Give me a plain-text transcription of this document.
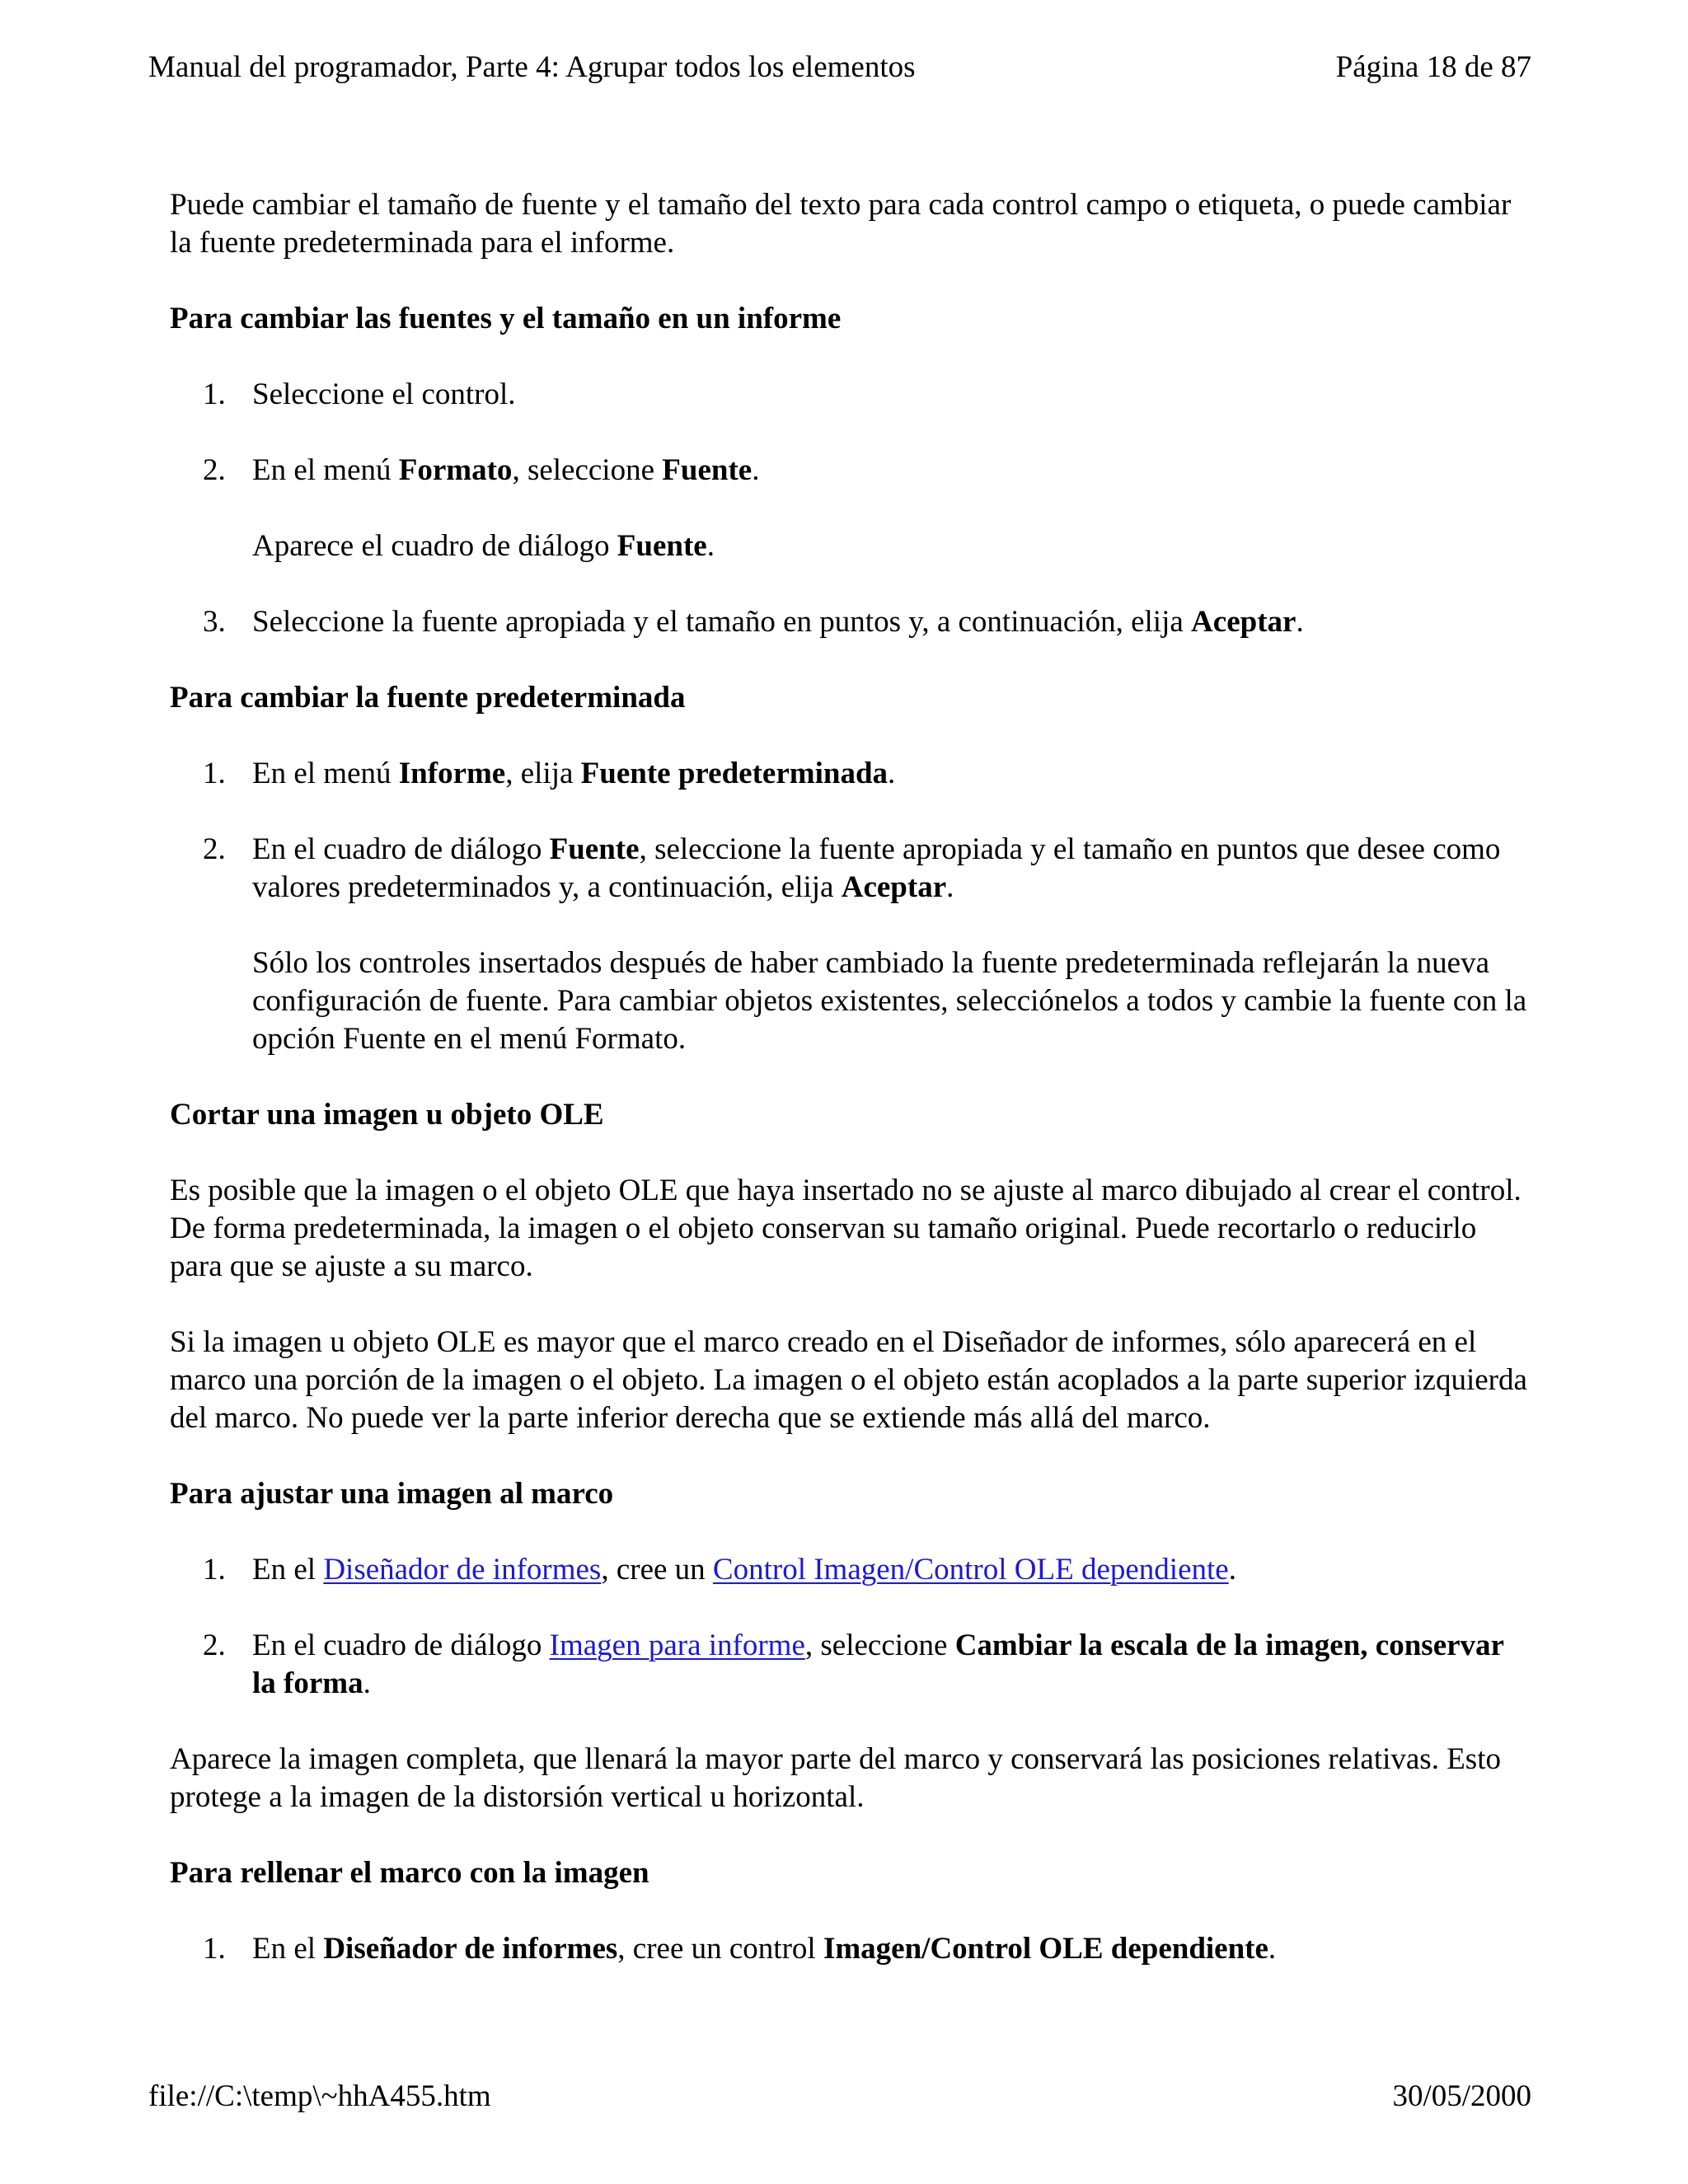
Manual del programador, Parte 4: Agrupar todos los elementos	Página 18 de 87

Puede cambiar el tamaño de fuente y el tamaño del texto para cada control campo o etiqueta, o puede cambiar la fuente predeterminada para el informe.

Para cambiar las fuentes y el tamaño en un informe
1. Seleccione el control.

2. En el menú Formato, seleccione Fuente.

Aparece el cuadro de diálogo Fuente.

3. Seleccione la fuente apropiada y el tamaño en puntos y, a continuación, elija Aceptar.

Para cambiar la fuente predeterminada
1. En el menú Informe, elija Fuente predeterminada.

2. En el cuadro de diálogo Fuente, seleccione la fuente apropiada y el tamaño en puntos que desee como valores predeterminados y, a continuación, elija Aceptar.

Sólo los controles insertados después de haber cambiado la fuente predeterminada reflejarán la nueva configuración de fuente. Para cambiar objetos existentes, selecciónelos a todos y cambie la fuente con la opción Fuente en el menú Formato.

Cortar una imagen u objeto OLE

Es posible que la imagen o el objeto OLE que haya insertado no se ajuste al marco dibujado al crear el control. De forma predeterminada, la imagen o el objeto conservan su tamaño original. Puede recortarlo o reducirlo para que se ajuste a su marco.

Si la imagen u objeto OLE es mayor que el marco creado en el Diseñador de informes, sólo aparecerá en el marco una porción de la imagen o el objeto. La imagen o el objeto están acoplados a la parte superior izquierda del marco. No puede ver la parte inferior derecha que se extiende más allá del marco.

Para ajustar una imagen al marco
1. En el Diseñador de informes, cree un Control Imagen/Control OLE dependiente.

2. En el cuadro de diálogo Imagen para informe, seleccione Cambiar la escala de la imagen, conservar la forma.

Aparece la imagen completa, que llenará la mayor parte del marco y conservará las posiciones relativas. Esto protege a la imagen de la distorsión vertical u horizontal.

Para rellenar el marco con la imagen
1. En el Diseñador de informes, cree un control Imagen/Control OLE dependiente.

file://C:\temp\~hhA455.htm	30/05/2000
